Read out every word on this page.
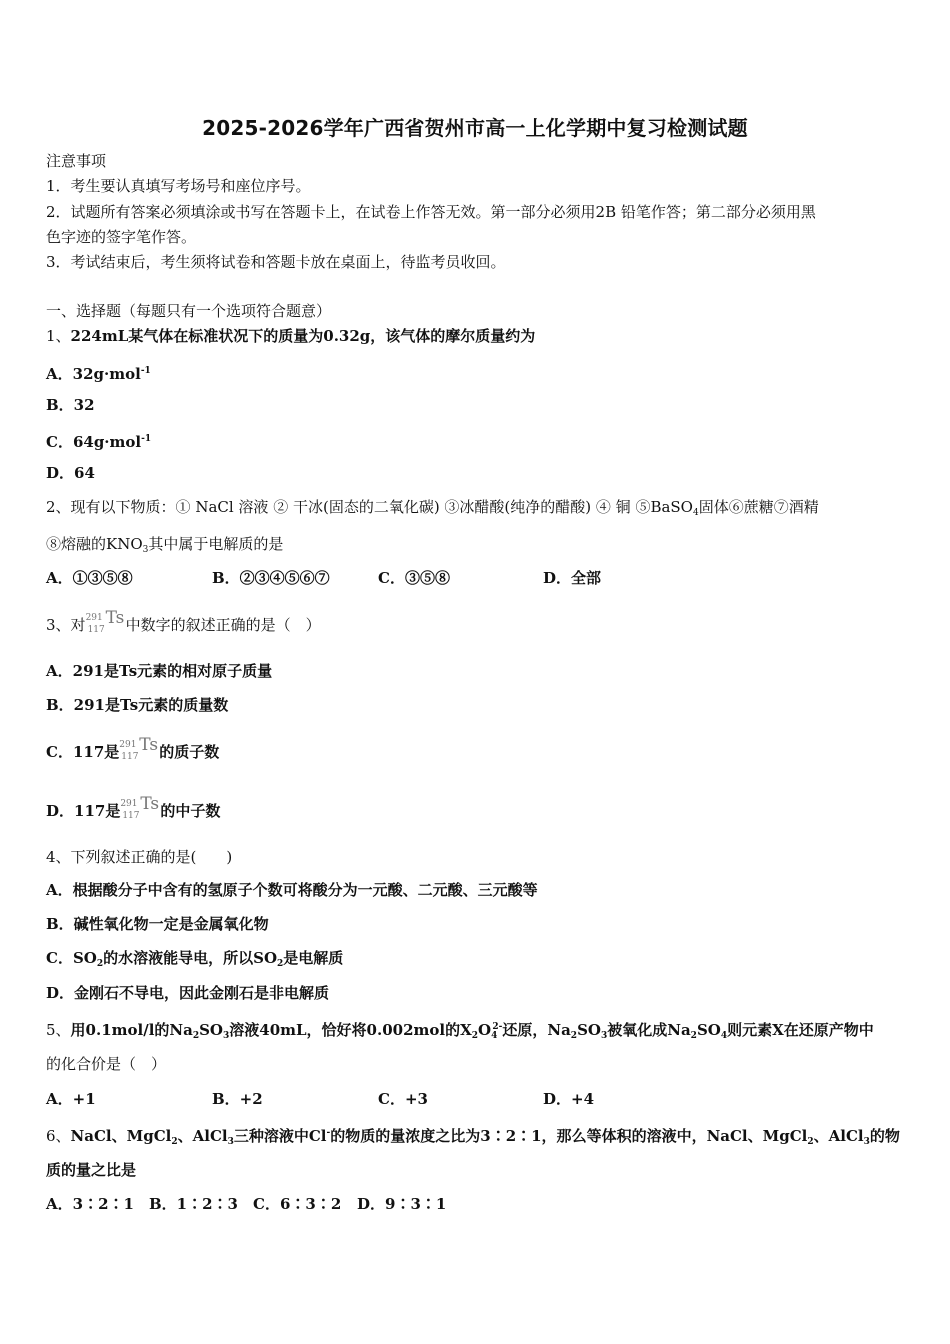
2025-2026学年广西省贺州市高一上化学期中复习检测试题
注意事项
1．考生要认真填写考场号和座位序号。
2．试题所有答案必须填涂或书写在答题卡上，在试卷上作答无效。第一部分必须用2B 铅笔作答；第二部分必须用黑
色字迹的签字笔作答。
3．考试结束后，考生须将试卷和答题卡放在桌面上，待监考员收回。
一、选择题（每题只有一个选项符合题意）
1、224mL某气体在标准状况下的质量为0.32g，该气体的摩尔质量约为
A．32g·mol$^{-1}$
B．32
C．64g·mol$^{-1}$
D．64
2、现有以下物质：① NaCl 溶液 ② 干冰(固态的二氧化碳) ③冰醋酸(纯净的醋酸) ④ 铜 ⑤BaSO$_4$固体⑥蔗糖⑦酒精
⑧熔融的$KNO_3$其中属于电解质的是
A．①③⑤⑧	B．②③④⑤⑥⑦	C．③⑤⑧	D．全部
3、对 291
117
Ts 中数字的叙述正确的是（　）
A．291是Ts元素的相对原子质量
B．291是Ts元素的质量数
C．117是 291
117
Ts 的质子数
D．117是 291
117
Ts 的中子数
4、下列叙述正确的是(　　)
A．根据酸分子中含有的氢原子个数可将酸分为一元酸、二元酸、三元酸等
B．碱性氧化物一定是金属氧化物
C．$SO_2$的水溶液能导电，所以$SO_2$是电解质
D．金刚石不导电，因此金刚石是非电解质
5、用0.1mol/l的$Na_2SO_3$溶液40mL，恰好将0.002mol的$X_2O_4^{2-}$还原，$Na_2SO_3$被氧化成$Na_2SO_4$则元素X在还原产物中
的化合价是（　）
A．+1	B．+2	C．+3	D．+4
6、NaCl、MgCl$_2$、AlCl$_3$三种溶液中Cl-的物质的量浓度之比为3∶2∶1，那么等体积的溶液中，NaCl、MgCl$_2$、AlCl$_3$的物
质的量之比是
A．3∶2∶1 B．1∶2∶3 C．6∶3∶2 D．9∶3∶1
